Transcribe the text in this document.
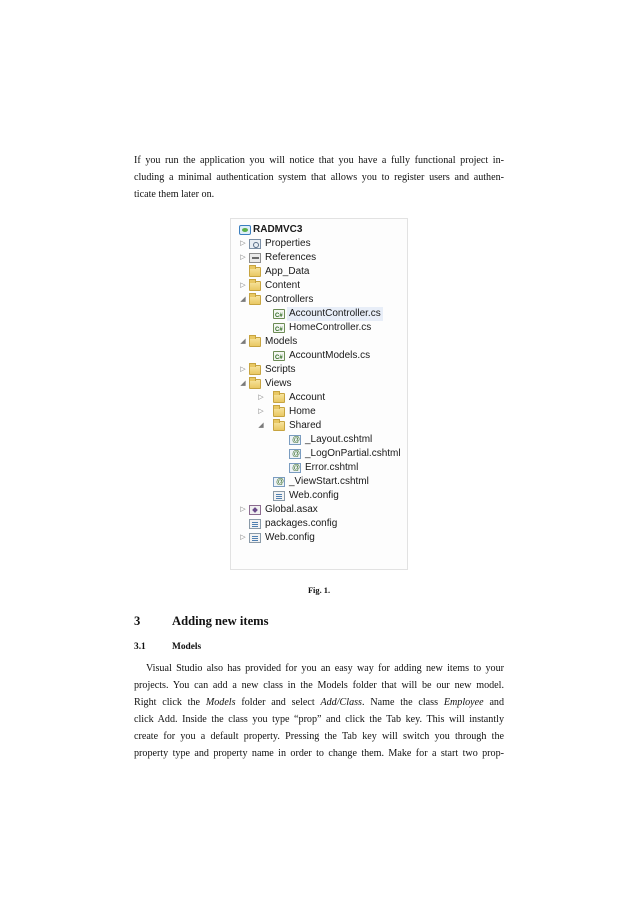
If you run the application you will notice that you have a fully functional project in-
cluding a minimal authentication system that allows you to register users and authen-
ticate them later on.

RADMVC3
▷ Properties
▷ References
App_Data
▷ Content
◢ Controllers
C#
AccountController.cs
C#
HomeController.cs
◢ Models
C#
AccountModels.cs
▷ Scripts
◢ Views
▷	Account
▷	Home
◢	Shared
@
_Layout.cshtml
@
_LogOnPartial.cshtml
@
Error.cshtml
@
_ViewStart.cshtml
Web.config
▷ Global.asax
packages.config
▷ Web.config

Fig. 1.

3	Adding new items
3.1	Models

Visual Studio also has provided for you an easy way for adding new items to your
projects. You can add a new class in the Models folder that will be our new model.
Right click the Models folder and select Add/Class. Name the class Employee and
click Add. Inside the class you type “prop” and click the Tab key. This will instantly
create for you a default property. Pressing the Tab key will switch you through the
property type and property name in order to change them. Make for a start two prop-
